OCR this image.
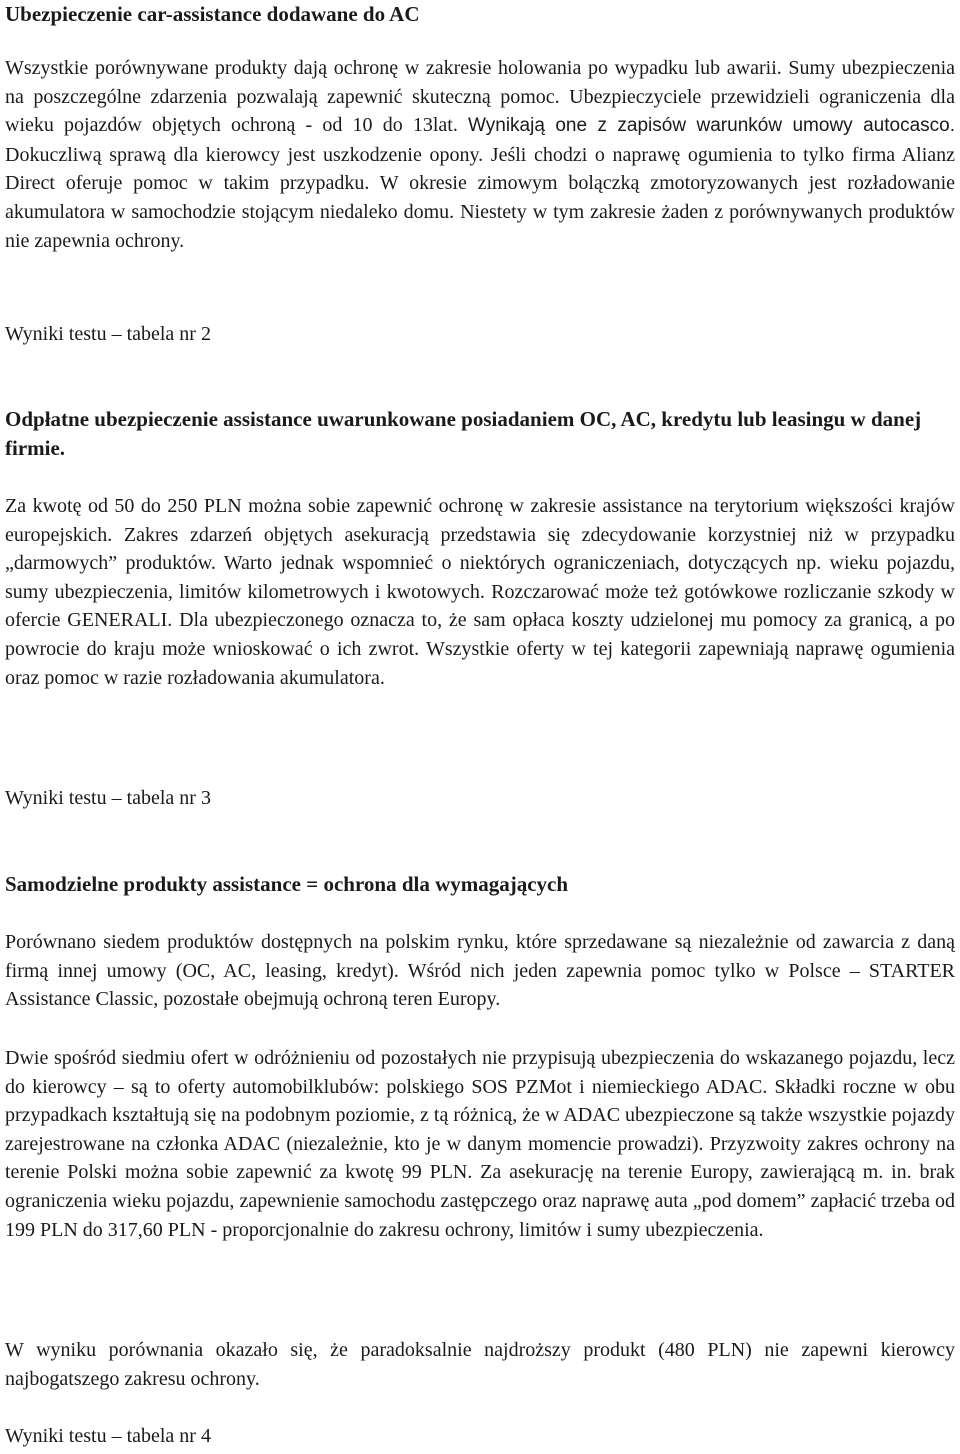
Ubezpieczenie car-assistance dodawane do AC

Wszystkie porównywane produkty dają ochronę w zakresie holowania po wypadku lub awarii. Sumy ubezpieczenia na poszczególne zdarzenia pozwalają zapewnić skuteczną pomoc. Ubezpieczyciele przewidzieli ograniczenia dla wieku pojazdów objętych ochroną - od 10 do 13lat. Wynikają one z zapisów warunków umowy autocasco. Dokuczliwą sprawą dla kierowcy jest uszkodzenie opony. Jeśli chodzi o naprawę ogumienia to tylko firma Alianz Direct oferuje pomoc w takim przypadku. W okresie zimowym bolączką zmotoryzowanych jest rozładowanie akumulatora w samochodzie stojącym niedaleko domu. Niestety w tym zakresie żaden z porównywanych produktów nie zapewnia ochrony.

Wyniki testu – tabela nr 2

Odpłatne ubezpieczenie assistance uwarunkowane posiadaniem OC, AC, kredytu lub leasingu w danej firmie.

Za kwotę od 50 do 250 PLN można sobie zapewnić ochronę w zakresie assistance na terytorium większości krajów europejskich. Zakres zdarzeń objętych asekuracją przedstawia się zdecydowanie korzystniej niż w przypadku „darmowych” produktów. Warto jednak wspomnieć o niektórych ograniczeniach, dotyczących np. wieku pojazdu, sumy ubezpieczenia, limitów kilometrowych i kwotowych. Rozczarować może też gotówkowe rozliczanie szkody w ofercie GENERALI. Dla ubezpieczonego oznacza to, że sam opłaca koszty udzielonej mu pomocy za granicą, a po powrocie do kraju może wnioskować o ich zwrot. Wszystkie oferty w tej kategorii zapewniają naprawę ogumienia oraz pomoc w razie rozładowania akumulatora.

Wyniki testu – tabela nr 3

Samodzielne produkty assistance = ochrona dla wymagających

Porównano siedem produktów dostępnych na polskim rynku, które sprzedawane są niezależnie od zawarcia z daną firmą innej umowy (OC, AC, leasing, kredyt). Wśród nich jeden zapewnia pomoc tylko w Polsce – STARTER Assistance Classic, pozostałe obejmują ochroną teren Europy.

Dwie spośród siedmiu ofert w odróżnieniu od pozostałych nie przypisują ubezpieczenia do wskazanego pojazdu, lecz do kierowcy – są to oferty automobilklubów: polskiego SOS PZMot i niemieckiego ADAC. Składki roczne w obu przypadkach kształtują się na podobnym poziomie, z tą różnicą, że w ADAC ubezpieczone są także wszystkie pojazdy zarejestrowane na członka ADAC (niezależnie, kto je w danym momencie prowadzi). Przyzwoity zakres ochrony na terenie Polski można sobie zapewnić za kwotę 99 PLN. Za asekurację na terenie Europy, zawierającą m. in. brak ograniczenia wieku pojazdu, zapewnienie samochodu zastępczego oraz naprawę auta „pod domem” zapłacić trzeba od 199 PLN do 317,60 PLN - proporcjonalnie do zakresu ochrony, limitów i sumy ubezpieczenia.

W wyniku porównania okazało się, że paradoksalnie najdroższy produkt (480 PLN) nie zapewni kierowcy najbogatszego zakresu ochrony.

Wyniki testu – tabela nr 4
